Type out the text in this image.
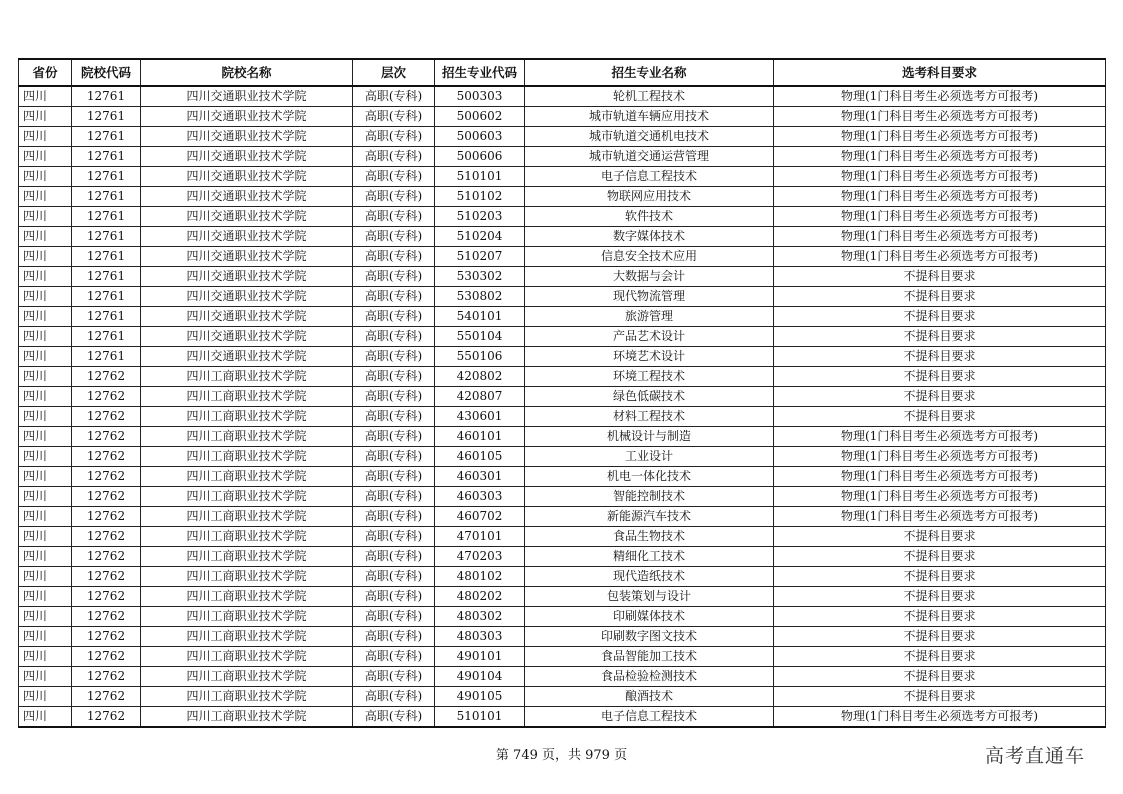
省份	院校代码	院校名称	层次	招生专业代码	招生专业名称	选考科目要求
四川	12761	四川交通职业技术学院	高职(专科)	500303	轮机工程技术	物理(1门科目考生必须选考方可报考)
四川	12761	四川交通职业技术学院	高职(专科)	500602	城市轨道车辆应用技术	物理(1门科目考生必须选考方可报考)
四川	12761	四川交通职业技术学院	高职(专科)	500603	城市轨道交通机电技术	物理(1门科目考生必须选考方可报考)
四川	12761	四川交通职业技术学院	高职(专科)	500606	城市轨道交通运营管理	物理(1门科目考生必须选考方可报考)
四川	12761	四川交通职业技术学院	高职(专科)	510101	电子信息工程技术	物理(1门科目考生必须选考方可报考)
四川	12761	四川交通职业技术学院	高职(专科)	510102	物联网应用技术	物理(1门科目考生必须选考方可报考)
四川	12761	四川交通职业技术学院	高职(专科)	510203	软件技术	物理(1门科目考生必须选考方可报考)
四川	12761	四川交通职业技术学院	高职(专科)	510204	数字媒体技术	物理(1门科目考生必须选考方可报考)
四川	12761	四川交通职业技术学院	高职(专科)	510207	信息安全技术应用	物理(1门科目考生必须选考方可报考)
四川	12761	四川交通职业技术学院	高职(专科)	530302	大数据与会计	不提科目要求
四川	12761	四川交通职业技术学院	高职(专科)	530802	现代物流管理	不提科目要求
四川	12761	四川交通职业技术学院	高职(专科)	540101	旅游管理	不提科目要求
四川	12761	四川交通职业技术学院	高职(专科)	550104	产品艺术设计	不提科目要求
四川	12761	四川交通职业技术学院	高职(专科)	550106	环境艺术设计	不提科目要求
四川	12762	四川工商职业技术学院	高职(专科)	420802	环境工程技术	不提科目要求
四川	12762	四川工商职业技术学院	高职(专科)	420807	绿色低碳技术	不提科目要求
四川	12762	四川工商职业技术学院	高职(专科)	430601	材料工程技术	不提科目要求
四川	12762	四川工商职业技术学院	高职(专科)	460101	机械设计与制造	物理(1门科目考生必须选考方可报考)
四川	12762	四川工商职业技术学院	高职(专科)	460105	工业设计	物理(1门科目考生必须选考方可报考)
四川	12762	四川工商职业技术学院	高职(专科)	460301	机电一体化技术	物理(1门科目考生必须选考方可报考)
四川	12762	四川工商职业技术学院	高职(专科)	460303	智能控制技术	物理(1门科目考生必须选考方可报考)
四川	12762	四川工商职业技术学院	高职(专科)	460702	新能源汽车技术	物理(1门科目考生必须选考方可报考)
四川	12762	四川工商职业技术学院	高职(专科)	470101	食品生物技术	不提科目要求
四川	12762	四川工商职业技术学院	高职(专科)	470203	精细化工技术	不提科目要求
四川	12762	四川工商职业技术学院	高职(专科)	480102	现代造纸技术	不提科目要求
四川	12762	四川工商职业技术学院	高职(专科)	480202	包装策划与设计	不提科目要求
四川	12762	四川工商职业技术学院	高职(专科)	480302	印刷媒体技术	不提科目要求
四川	12762	四川工商职业技术学院	高职(专科)	480303	印刷数字图文技术	不提科目要求
四川	12762	四川工商职业技术学院	高职(专科)	490101	食品智能加工技术	不提科目要求
四川	12762	四川工商职业技术学院	高职(专科)	490104	食品检验检测技术	不提科目要求
四川	12762	四川工商职业技术学院	高职(专科)	490105	酿酒技术	不提科目要求
四川	12762	四川工商职业技术学院	高职(专科)	510101	电子信息工程技术	物理(1门科目考生必须选考方可报考)
第 749 页，共 979 页	高考直通车
